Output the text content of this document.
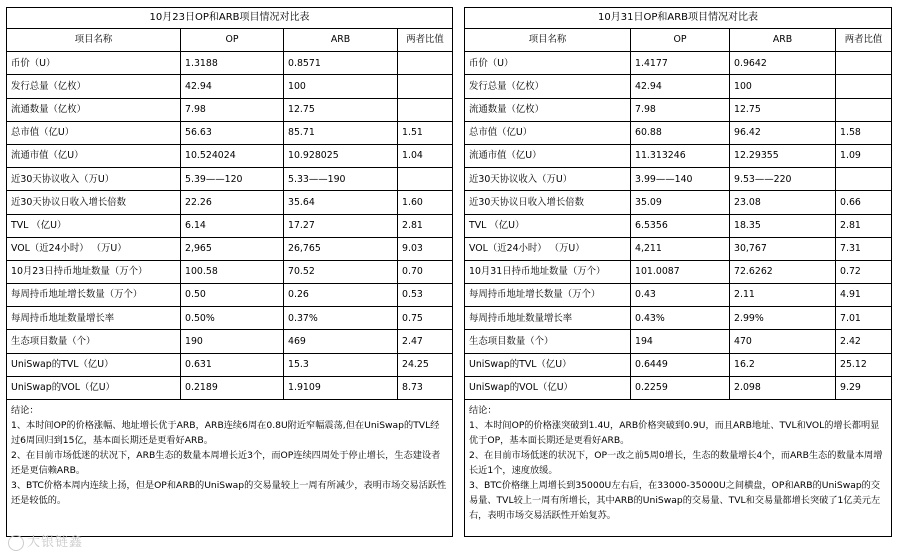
10月23日OP和ARB项目情况对比表			
项目名称	OP	ARB	两者比值
币价（U）	1.3188	0.8571	
发行总量（亿枚）	42.94	100	
流通数量（亿枚）	7.98	12.75	
总市值（亿U）	56.63	85.71	1.51
流通市值（亿U）	10.524024	10.928025	1.04
近30天协议收入（万U）	5.39——120	5.33——190	
近30天协议日收入增长倍数	22.26	35.64	1.60
TVL （亿U）	6.14	17.27	2.81
VOL（近24小时） （万U）	2,965	26,765	9.03
10月23日持币地址数量（万个）	100.58	70.52	0.70
每周持币地址增长数量（万个）	0.50	0.26	0.53
每周持币地址数量增长率	0.50%	0.37%	0.75
生态项目数量（个）	190	469	2.47
UniSwap的TVL（亿U）	0.631	15.3	24.25
UniSwap的VOL（亿U）	0.2189	1.9109	8.73

结论：

1、本时间OP的价格涨幅、地址增长优于ARB，ARB连续6周在0.8U附近窄幅震荡,但在UniSwap的TVL经过6周回归到15亿，基本面长期还是更看好ARB。

2、在目前市场低迷的状况下，ARB生态的数量本周增长近3个，而OP连续四周处于停止增长，生态建设者还是更信赖ARB。

3、BTC价格本周内连续上扬，但是OP和ARB的UniSwap的交易量较上一周有所减少，表明市场交易活跃性还是较低的。			

10月31日OP和ARB项目情况对比表			
项目名称	OP	ARB	两者比值
币价（U）	1.4177	0.9642	
发行总量（亿枚）	42.94	100	
流通数量（亿枚）	7.98	12.75	
总市值（亿U）	60.88	96.42	1.58
流通市值（亿U）	11.313246	12.29355	1.09
近30天协议收入（万U）	3.99——140	9.53——220	
近30天协议日收入增长倍数	35.09	23.08	0.66
TVL （亿U）	6.5356	18.35	2.81
VOL（近24小时） （万U）	4,211	30,767	7.31
10月31日持币地址数量（万个）	101.0087	72.6262	0.72
每周持币地址增长数量（万个）	0.43	2.11	4.91
每周持币地址数量增长率	0.43%	2.99%	7.01
生态项目数量（个）	194	470	2.42
UniSwap的TVL（亿U）	0.6449	16.2	25.12
UniSwap的VOL（亿U）	0.2259	2.098	9.29

结论：

1、本时间OP的价格涨突破到1.4U，ARB价格突破到0.9U，而且ARB地址、TVL和VOL的增长都明显优于OP，基本面长期还是更看好ARB。

2、在目前市场低迷的状况下，OP一改之前5周0增长，生态的数量增长4个，而ARB生态的数量本周增长近1个，速度放缓。

3、BTC价格继上周增长到35000U左右后，在33000-35000U之间横盘，OP和ARB的UniSwap的交易量、TVL较上一周有所增长，其中ARB的UniSwap的交易量、TVL和交易量都增长突破了1亿美元左右，表明市场交易活跃性开始复苏。			

大银链鑫
